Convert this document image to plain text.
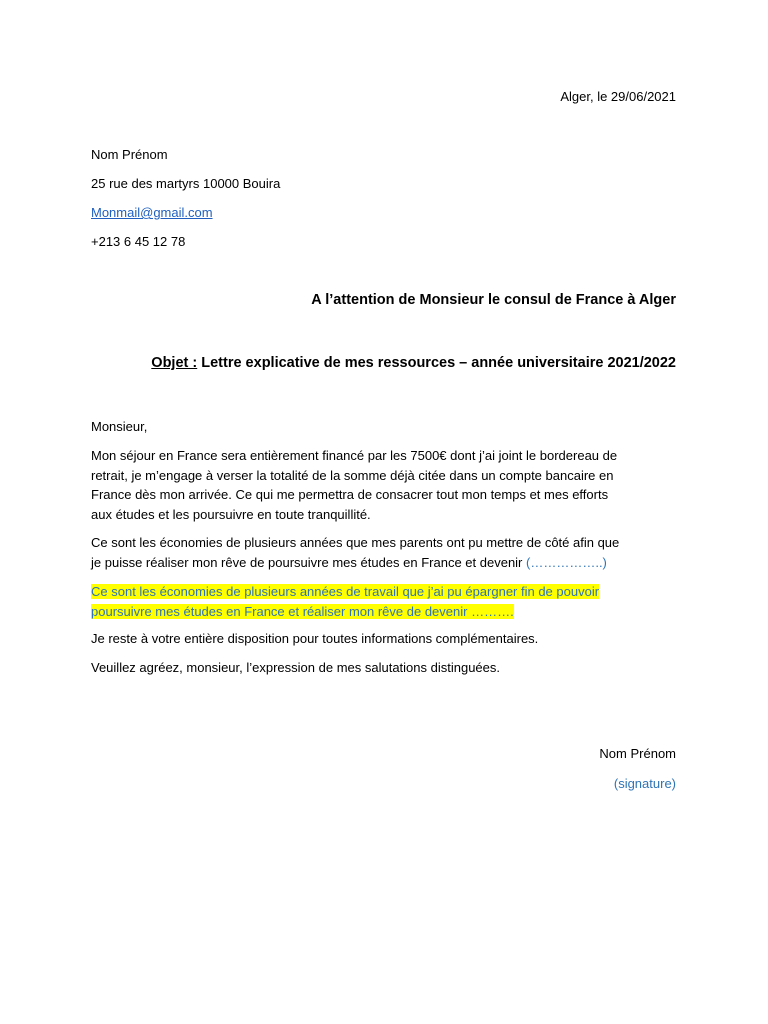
Alger, le 29/06/2021
Nom Prénom
25 rue des martyrs 10000 Bouira
Monmail@gmail.com
+213 6 45 12 78
A l’attention de Monsieur le consul de France à Alger
Objet : Lettre explicative de mes ressources – année universitaire 2021/2022
Monsieur,
Mon séjour en France sera entièrement financé par les 7500€ dont j’ai joint le bordereau de
retrait, je m’engage à verser la totalité de la somme déjà citée dans un compte bancaire en
France dès mon arrivée. Ce qui me permettra de consacrer tout mon temps et mes efforts
aux études et les poursuivre en toute tranquillité.
Ce sont les économies de plusieurs années que mes parents ont pu mettre de côté afin que
je puisse réaliser mon rêve de poursuivre mes études en France et devenir (……………..)
Ce sont les économies de plusieurs années de travail que j’ai pu épargner fin de pouvoir
poursuivre mes études en France et réaliser mon rêve de devenir ……….
Je reste à votre entière disposition pour toutes informations complémentaires.
Veuillez agréez, monsieur, l’expression de mes salutations distinguées.
Nom Prénom
(signature)
